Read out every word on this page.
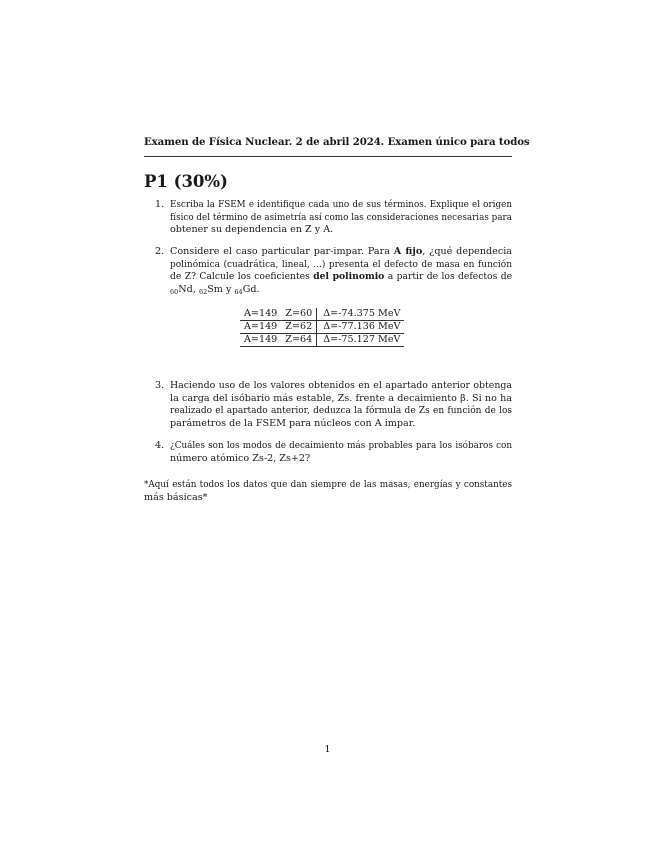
Examen de Física Nuclear. 2 de abril 2024. Examen único para todos
P1 (30%)
1. Escriba la FSEM e identifique cada uno de sus términos. Explique el origen
físico del término de asimetría así como las consideraciones necesarias para
obtener su dependencia en Z y A.
2. Considere el caso particular par-impar. Para A fijo, ¿qué dependecia
polinómica (cuadrática, lineal, ...) presenta el defecto de masa en función
de Z? Calcule los coeficientes del polinomio a partir de los defectos de
$_{60}$Nd, $_{62}$Sm y $_{64}$Gd.
A=149	Z=60	Δ=-74.375 MeV
A=149	Z=62	Δ=-77.136 MeV
A=149	Z=64	Δ=-75.127 MeV
3. Haciendo uso de los valores obtenidos en el apartado anterior obtenga
la carga del isóbario más estable, Zs. frente a decaimiento β. Si no ha
realizado el apartado anterior, deduzca la fórmula de Zs en función de los
parámetros de la FSEM para núcleos con A impar.
4. ¿Cuáles son los modos de decaimiento más probables para los isóbaros con
número atómico Zs-2, Zs+2?
*Aquí están todos los datos que dan siempre de las masas, energías y constantes
más básicas*
1
